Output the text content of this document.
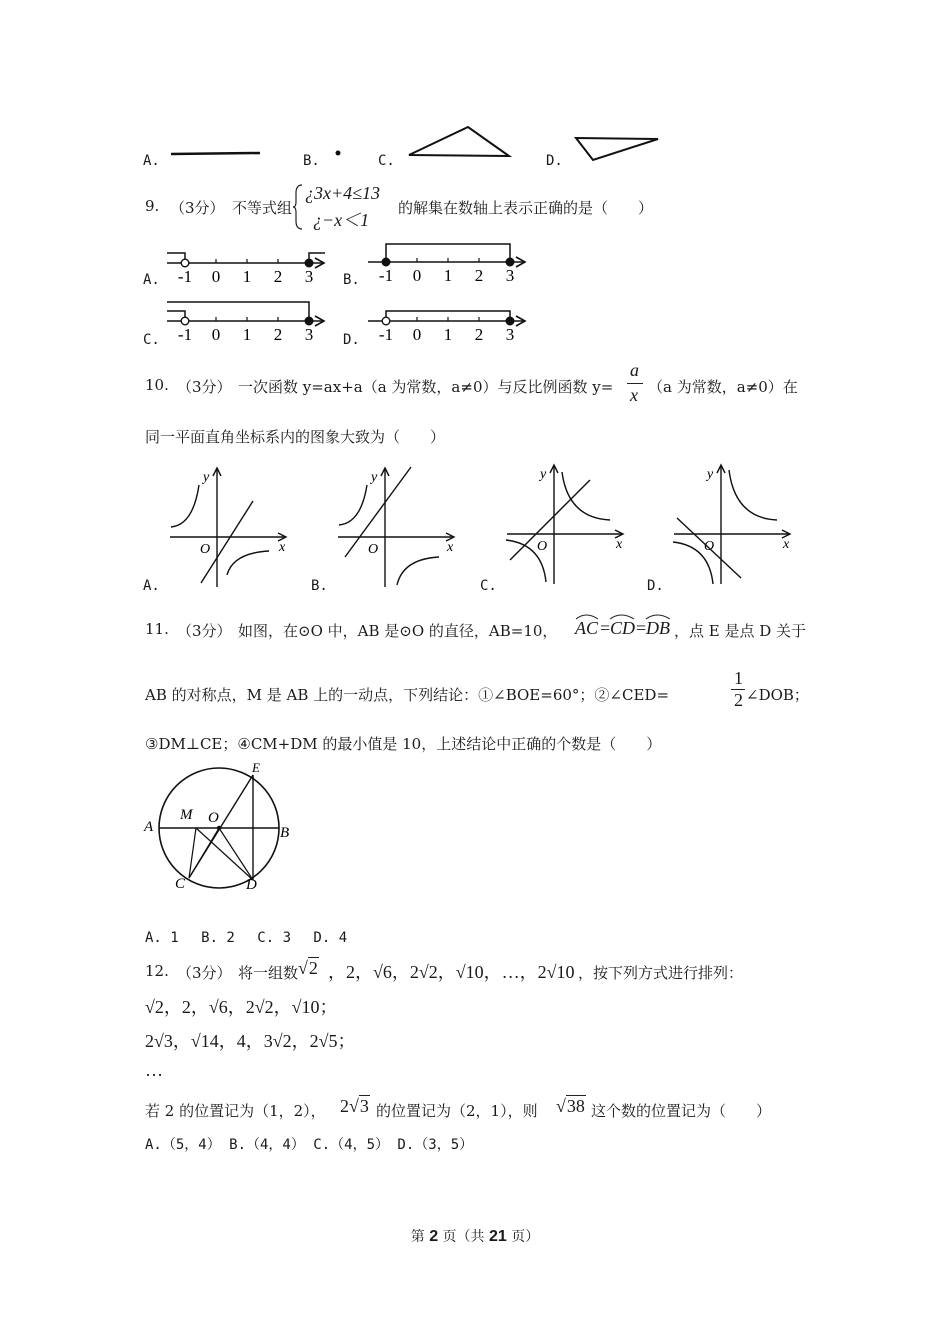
A.	B.	C.	D.
9. （3分） 不等式组
¿3x+4≤13
¿−x＜1
的解集在数轴上表示正确的是（　　）
A. -1 0 1 2 3 B. -1 0 1 2 3
C. -1 0 1 2 3 D. -1 0 1 2 3
10. （3分） 一次函数 y=ax+a（a 为常数，a≠0）与反比例函数 y=
a
x （a 为常数，a≠0）在
同一平面直角坐标系内的图象大致为（　　）
A.
x
y
O
B.
x
y
O
C.
x
y
O
D.
x
y
O
11. （3分） 如图，在⊙O 中，AB 是⊙O 的直径，AB=10， AC = CD = DB ，点 E 是点 D 关于
AB 的对称点，M 是 AB 上的一动点，下列结论：①∠BOE=60°；②∠CED=
1
2 ∠DOB；
③DM⊥CE；④CM+DM 的最小值是 10，上述结论中正确的个数是（　　）
A	B
C	D
E
M O
A. 1　 B. 2　 C. 3　 D. 4
12. （3分） 将一组数 √2 ，2，√6，2√2，√10，…，2√10 ，按下列方式进行排列：
√2，2，√6，2√2，√10；
2√3，√14，4，3√2，2√5；
…
若 2 的位置记为（1，2）， 2√3 的位置记为（2，1），则 √38 这个数的位置记为（　　）
A.（5，4） B.（4，4） C.（4，5） D.（3，5）
第 2 页（共 21 页）
